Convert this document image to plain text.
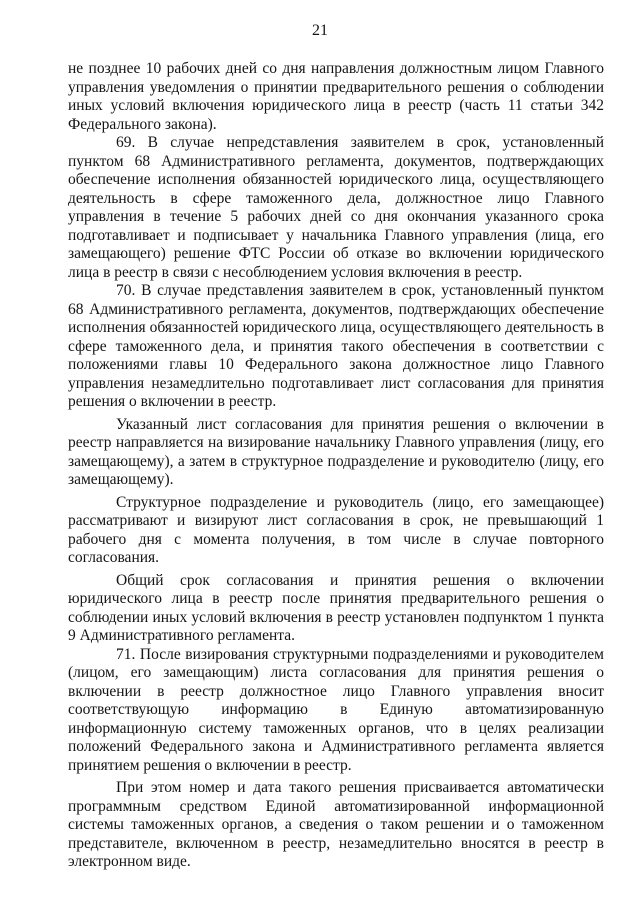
21

не позднее 10 рабочих дней со дня направления должностным лицом Главного управления уведомления о принятии предварительного решения о соблюдении иных условий включения юридического лица в реестр (часть 11 статьи 342 Федерального закона).

69. В случае непредставления заявителем в срок, установленный пунктом 68 Административного регламента, документов, подтверждающих обеспечение исполнения обязанностей юридического лица, осуществляющего деятельность в сфере таможенного дела, должностное лицо Главного управления в течение 5 рабочих дней со дня окончания указанного срока подготавливает и подписывает у начальника Главного управления (лица, его замещающего) решение ФТС России об отказе во включении юридического лица в реестр в связи с несоблюдением условия включения в реестр.

70. В случае представления заявителем в срок, установленный пунктом 68 Административного регламента, документов, подтверждающих обеспечение исполнения обязанностей юридического лица, осуществляющего деятельность в сфере таможенного дела, и принятия такого обеспечения в соответствии с положениями главы 10 Федерального закона должностное лицо Главного управления незамедлительно подготавливает лист согласования для принятия решения о включении в реестр.

Указанный лист согласования для принятия решения о включении в реестр направляется на визирование начальнику Главного управления (лицу, его замещающему), а затем в структурное подразделение и руководителю (лицу, его замещающему).

Структурное подразделение и руководитель (лицо, его замещающее) рассматривают и визируют лист согласования в срок, не превышающий 1 рабочего дня с момента получения, в том числе в случае повторного согласования.

Общий срок согласования и принятия решения о включении юридического лица в реестр после принятия предварительного решения о соблюдении иных условий включения в реестр установлен подпунктом 1 пункта 9 Административного регламента.

71. После визирования структурными подразделениями и руководителем (лицом, его замещающим) листа согласования для принятия решения о включении в реестр должностное лицо Главного управления вносит соответствующую информацию в Единую автоматизированную информационную систему таможенных органов, что в целях реализации положений Федерального закона и Административного регламента является принятием решения о включении в реестр.

При этом номер и дата такого решения присваивается автоматически программным средством Единой автоматизированной информационной системы таможенных органов, а сведения о таком решении и о таможенном представителе, включенном в реестр, незамедлительно вносятся в реестр в электронном виде.
